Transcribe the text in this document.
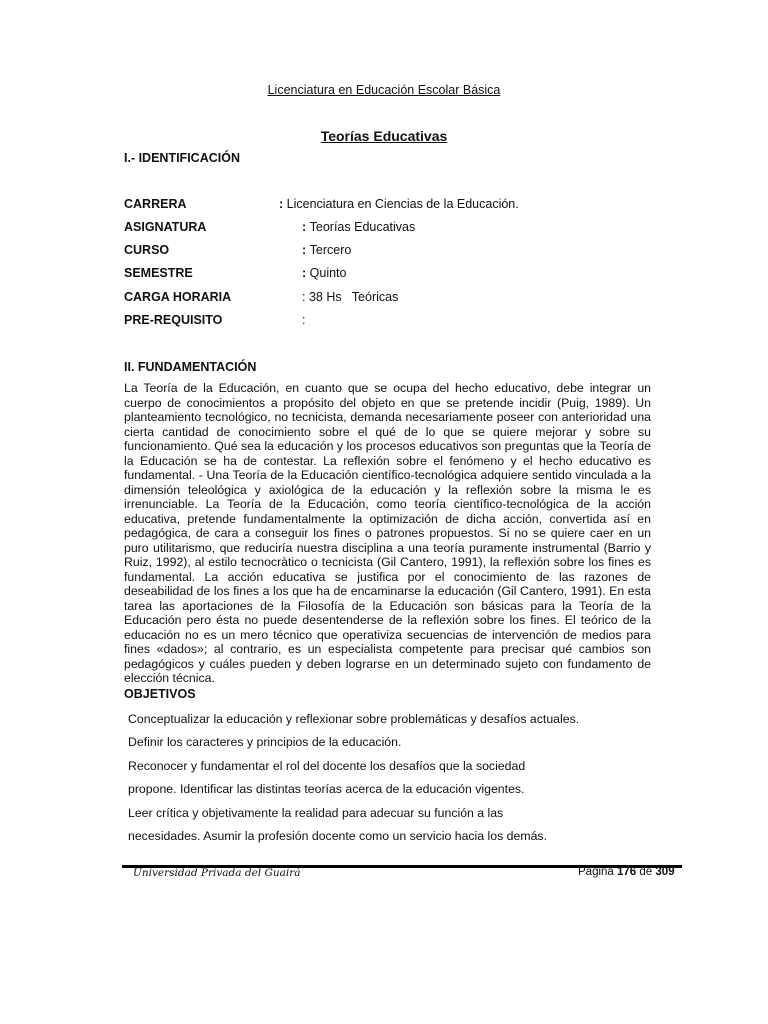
Licenciatura en Educación Escolar Básica
Teorías Educativas
I.- IDENTIFICACIÓN
CARRERA	: Licenciatura en Ciencias de la Educación.
ASIGNATURA	: Teorías Educativas
CURSO	: Tercero
SEMESTRE	: Quinto
CARGA HORARIA	: 38 Hs   Teóricas
PRE-REQUISITO	:
II. FUNDAMENTACIÓN

La Teoría de la Educación, en cuanto que se ocupa del hecho educativo, debe integrar un cuerpo de conocimientos a propósito del objeto en que se pretende incidir (Puig, 1989). Un planteamiento tecnológico, no tecnicista, demanda necesariamente poseer con anterioridad una cierta cantidad de conocimiento sobre el qué de lo que se quiere mejorar y sobre su funcionamiento. Qué sea la educación y los procesos educativos son preguntas que la Teoría de la Educación se ha de contestar. La reflexión sobre el fenómeno y el hecho educativo es fundamental. - Una Teoría de la Educación científico-tecnológica adquiere sentido vinculada a la dimensión teleológica y axiológica de la educación y la reflexión sobre la misma le es irrenunciable. La Teoría de la Educación, como teoría científico-tecnológica de la acción educativa, pretende fundamentalmente la optimización de dicha acción, convertida así en pedagógica, de cara a conseguir los fines o patrones propuestos. Si no se quiere caer en un puro utilitarismo, que reduciría nuestra disciplina a una teoría puramente instrumental (Barrio y Ruiz, 1992), al estilo tecnocràtico o tecnicista (Gil Cantero, 1991), la reflexión sobre los fines es fundamental. La acción educativa se justifica por el conocimiento de las razones de deseabilidad de los fines a los que ha de encaminarse la educación (Gil Cantero, 1991). En esta tarea las aportaciones de la Filosofía de la Educación son básicas para la Teoría de la Educación pero ésta no puede desentenderse de la reflexión sobre los fines. El teórico de la educación no es un mero técnico que operativiza secuencias de intervención de medios para fines «dados»; al contrario, es un especialista competente para precisar qué cambios son pedagógicos y cuáles pueden y deben lograrse en un determinado sujeto con fundamento de elección técnica.

OBJETIVOS
Conceptualizar la educación y reflexionar sobre problemáticas y desafíos actuales.
Definir los caracteres y principios de la educación.
Reconocer y fundamentar el rol del docente los desafíos que la sociedad
propone. Identificar las distintas teorías acerca de la educación vigentes.
Leer crítica y objetivamente la realidad para adecuar su función a las
necesidades. Asumir la profesión docente como un servicio hacia los demás.
Universidad Privada del Guairá	Página 176 de 309
